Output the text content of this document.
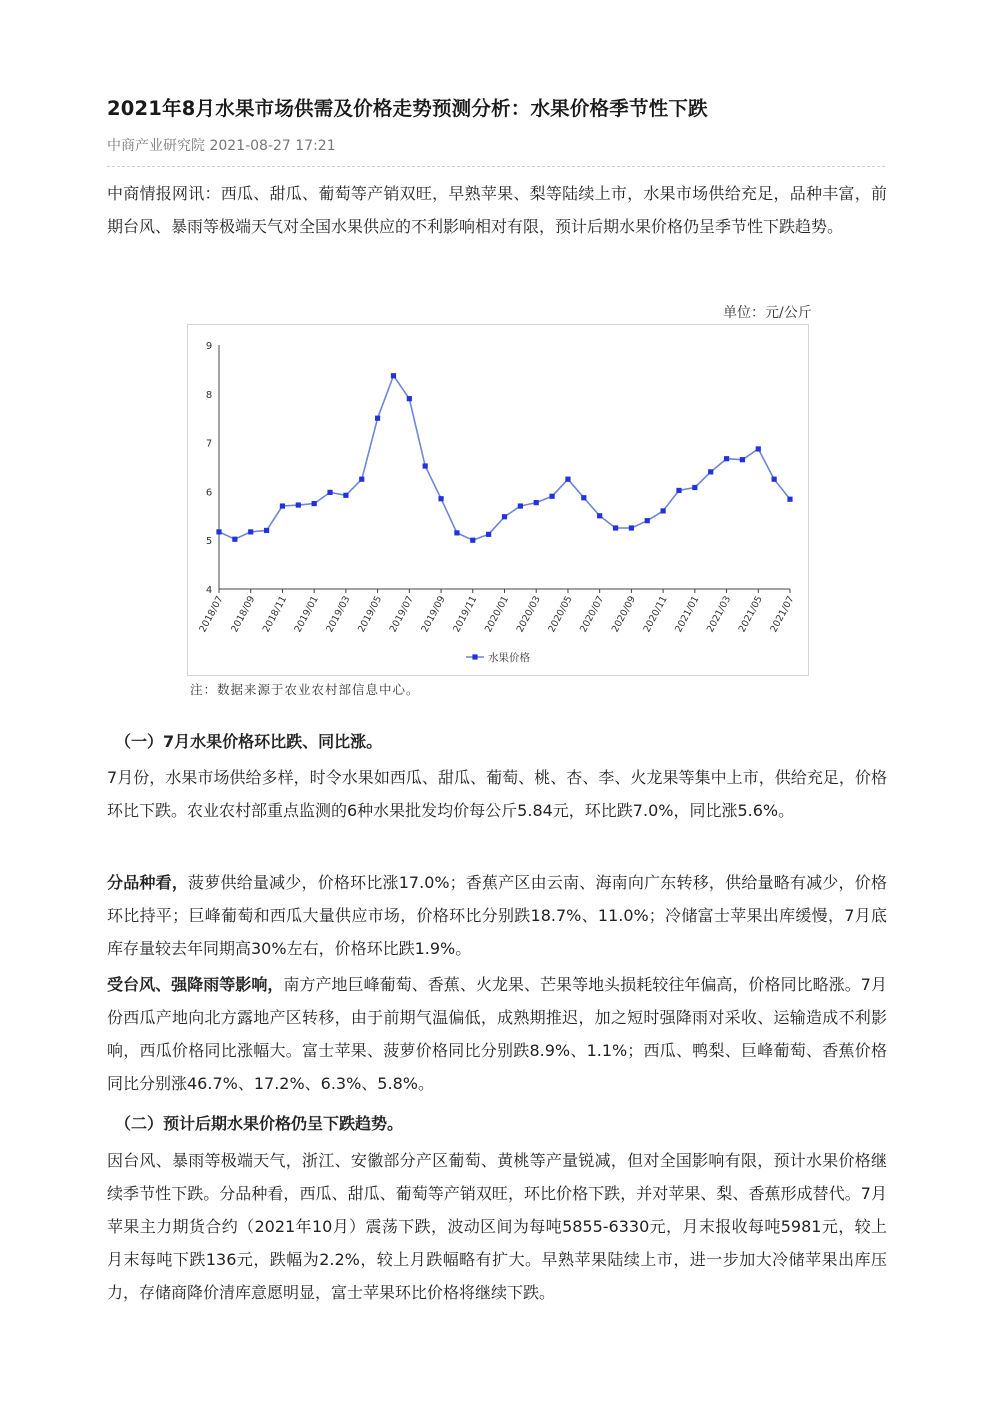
2021年8月水果市场供需及价格走势预测分析：水果价格季节性下跌
中商产业研究院 2021-08-27 17:21
中商情报网讯：西瓜、甜瓜、葡萄等产销双旺，早熟苹果、梨等陆续上市，水果市场供给充足，品种丰富，前期台风、暴雨等极端天气对全国水果供应的不利影响相对有限，预计后期水果价格仍呈季节性下跌趋势。
单位：元/公斤
4
5
6
7
8
9
2018/07 2018/09 2018/11 2019/01 2019/03 2019/05 2019/07 2019/09 2019/11 2020/01 2020/03 2020/05 2020/07 2020/09 2020/11 2021/01 2021/03 2021/05 2021/07
水果价格
注：数据来源于农业农村部信息中心。
（一）7月水果价格环比跌、同比涨。
7月份，水果市场供给多样，时令水果如西瓜、甜瓜、葡萄、桃、杏、李、火龙果等集中上市，供给充足，价格环比下跌。农业农村部重点监测的6种水果批发均价每公斤5.84元，环比跌7.0%，同比涨5.6%。
分品种看，菠萝供给量减少，价格环比涨17.0%；香蕉产区由云南、海南向广东转移，供给量略有减少，价格环比持平；巨峰葡萄和西瓜大量供应市场，价格环比分别跌18.7%、11.0%；冷储富士苹果出库缓慢，7月底库存量较去年同期高30%左右，价格环比跌1.9%。
受台风、强降雨等影响，南方产地巨峰葡萄、香蕉、火龙果、芒果等地头损耗较往年偏高，价格同比略涨。7月份西瓜产地向北方露地产区转移，由于前期气温偏低，成熟期推迟，加之短时强降雨对采收、运输造成不利影响，西瓜价格同比涨幅大。富士苹果、菠萝价格同比分别跌8.9%、1.1%；西瓜、鸭梨、巨峰葡萄、香蕉价格同比分别涨46.7%、17.2%、6.3%、5.8%。
（二）预计后期水果价格仍呈下跌趋势。
因台风、暴雨等极端天气，浙江、安徽部分产区葡萄、黄桃等产量锐减，但对全国影响有限，预计水果价格继续季节性下跌。分品种看，西瓜、甜瓜、葡萄等产销双旺，环比价格下跌，并对苹果、梨、香蕉形成替代。7月苹果主力期货合约（2021年10月）震荡下跌，波动区间为每吨5855-6330元，月末报收每吨5981元，较上月末每吨下跌136元，跌幅为2.2%，较上月跌幅略有扩大。早熟苹果陆续上市，进一步加大冷储苹果出库压力，存储商降价清库意愿明显，富士苹果环比价格将继续下跌。
